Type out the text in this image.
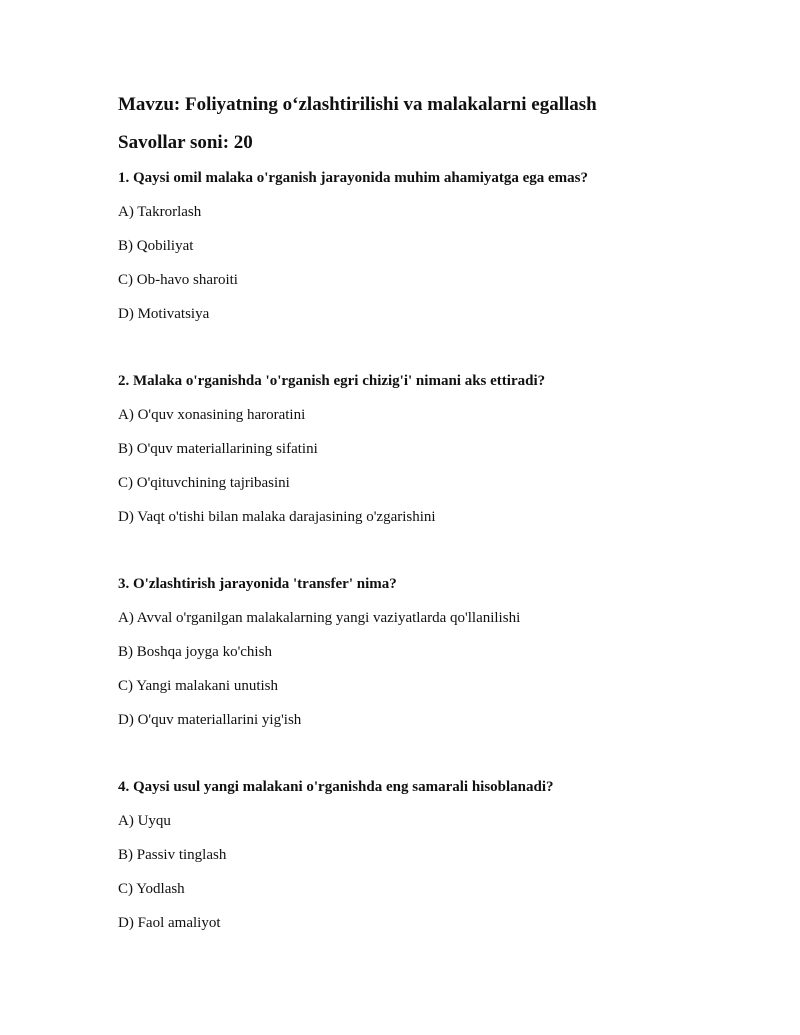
Mavzu: Foliyatning o‘zlashtirilishi va malakalarni egallash
Savollar soni: 20
1. Qaysi omil malaka o'rganish jarayonida muhim ahamiyatga ega emas?
A) Takrorlash
B) Qobiliyat
C) Ob-havo sharoiti
D) Motivatsiya
2. Malaka o'rganishda 'o'rganish egri chizig'i' nimani aks ettiradi?
A) O'quv xonasining haroratini
B) O'quv materiallarining sifatini
C) O'qituvchining tajribasini
D) Vaqt o'tishi bilan malaka darajasining o'zgarishini
3. O'zlashtirish jarayonida 'transfer' nima?
A) Avval o'rganilgan malakalarning yangi vaziyatlarda qo'llanilishi
B) Boshqa joyga ko'chish
C) Yangi malakani unutish
D) O'quv materiallarini yig'ish
4. Qaysi usul yangi malakani o'rganishda eng samarali hisoblanadi?
A) Uyqu
B) Passiv tinglash
C) Yodlash
D) Faol amaliyot
